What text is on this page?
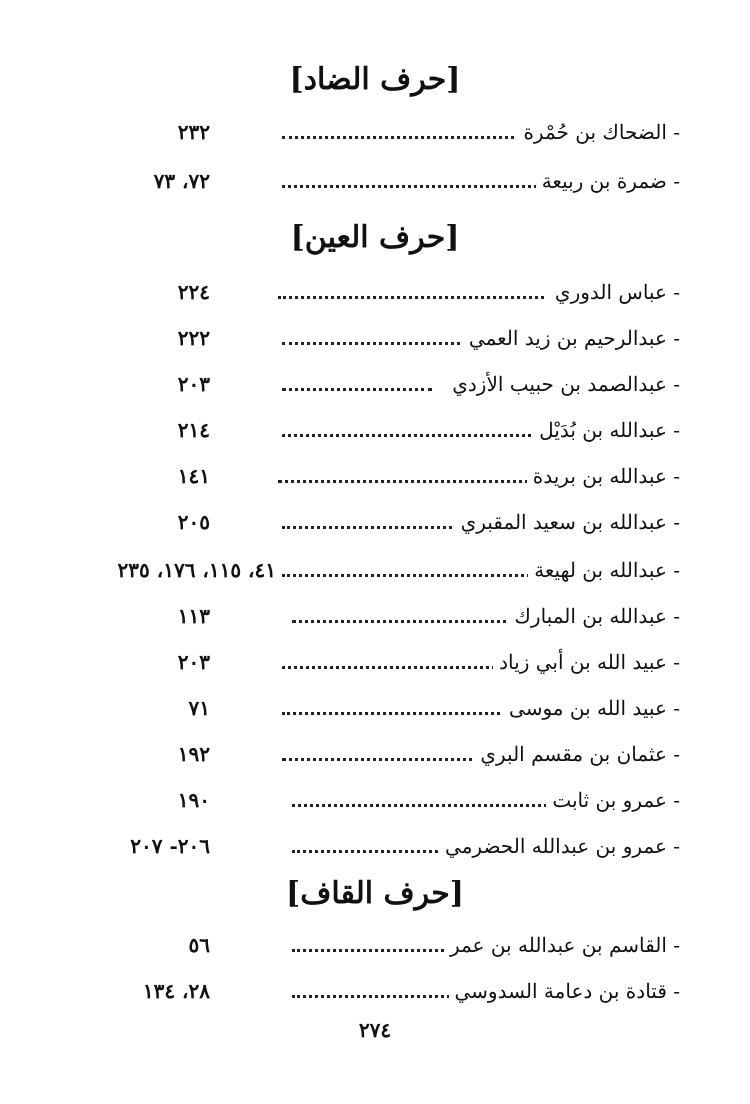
[حرف الضاد]
- الضحاك بن حُمْرة
٢٣٢
- ضمرة بن ربيعة
٧٢، ٧٣
[حرف العين]
- عباس الدوري
٢٢٤
- عبدالرحيم بن زيد العمي
٢٢٢
- عبدالصمد بن حبيب الأزدي
٢٠٣
- عبدالله بن بُدَيْل
٢١٤
- عبدالله بن بريدة
١٤١
- عبدالله بن سعيد المقبري
٢٠٥
- عبدالله بن لهيعة
٤١، ١١٥، ١٧٦، ٢٣٥
- عبدالله بن المبارك
١١٣
- عبيد الله بن أبي زياد
٢٠٣
- عبيد الله بن موسى
٧١
- عثمان بن مقسم البري
١٩٢
- عمرو بن ثابت
١٩٠
- عمرو بن عبدالله الحضرمي
٢٠٦- ٢٠٧
[حرف القاف]
- القاسم بن عبدالله بن عمر
٥٦
- قتادة بن دعامة السدوسي
٢٨، ١٣٤
٢٧٤
